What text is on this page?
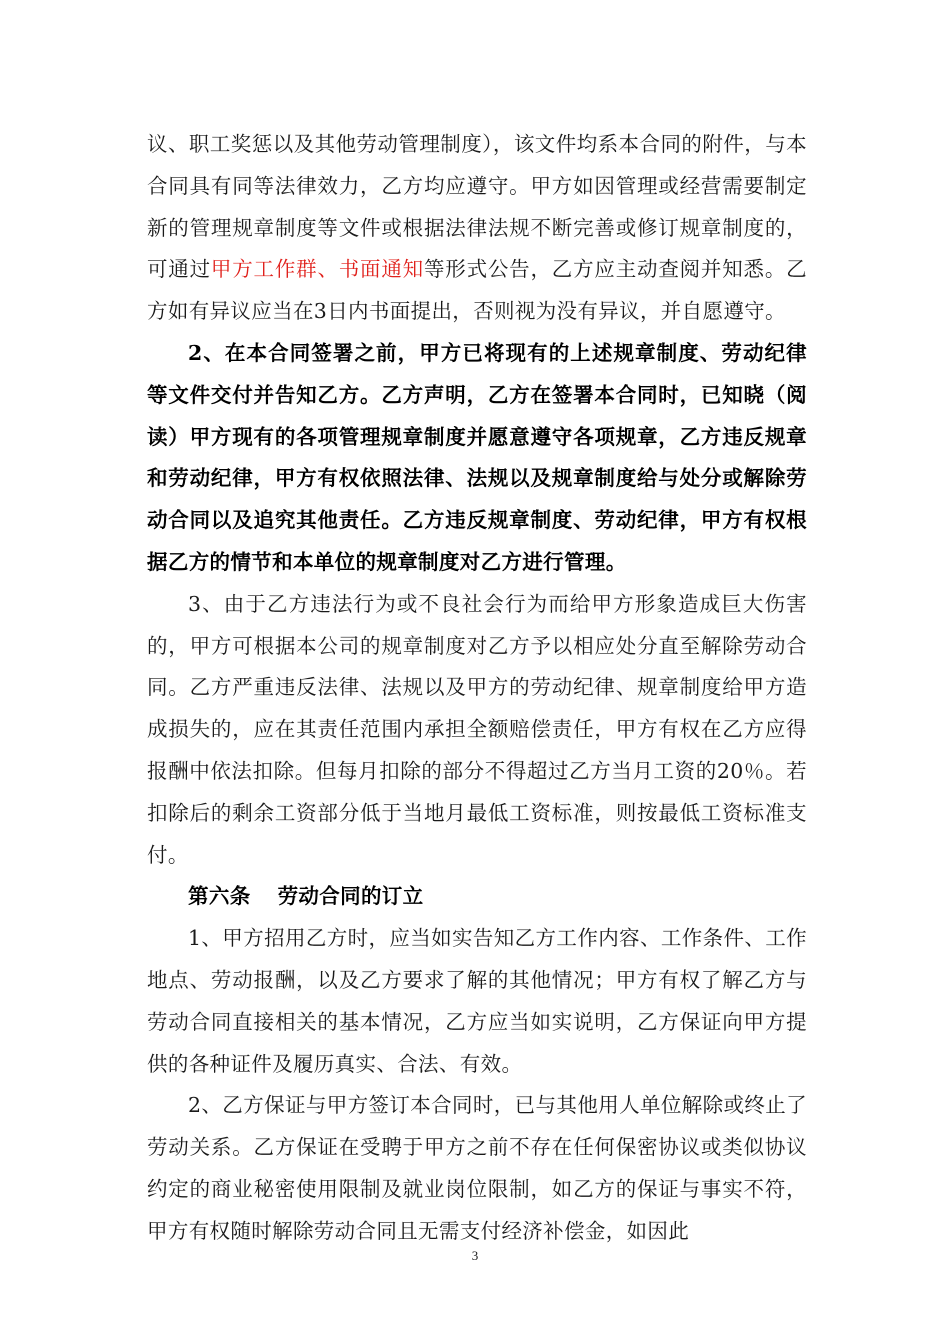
议、职工奖惩以及其他劳动管理制度），该文件均系本合同的附件，与本合同具有同等法律效力，乙方均应遵守。甲方如因管理或经营需要制定新的管理规章制度等文件或根据法律法规不断完善或修订规章制度的，可通过甲方工作群、书面通知等形式公告，乙方应主动查阅并知悉。乙方如有异议应当在3日内书面提出，否则视为没有异议，并自愿遵守。

2、在本合同签署之前，甲方已将现有的上述规章制度、劳动纪律等文件交付并告知乙方。乙方声明，乙方在签署本合同时，已知晓（阅读）甲方现有的各项管理规章制度并愿意遵守各项规章，乙方违反规章和劳动纪律，甲方有权依照法律、法规以及规章制度给与处分或解除劳动合同以及追究其他责任。乙方违反规章制度、劳动纪律，甲方有权根据乙方的情节和本单位的规章制度对乙方进行管理。

3、由于乙方违法行为或不良社会行为而给甲方形象造成巨大伤害的，甲方可根据本公司的规章制度对乙方予以相应处分直至解除劳动合同。乙方严重违反法律、法规以及甲方的劳动纪律、规章制度给甲方造成损失的，应在其责任范围内承担全额赔偿责任，甲方有权在乙方应得报酬中依法扣除。但每月扣除的部分不得超过乙方当月工资的20％。若扣除后的剩余工资部分低于当地月最低工资标准，则按最低工资标准支付。

第六条 劳动合同的订立

1、甲方招用乙方时，应当如实告知乙方工作内容、工作条件、工作地点、劳动报酬，以及乙方要求了解的其他情况；甲方有权了解乙方与劳动合同直接相关的基本情况，乙方应当如实说明，乙方保证向甲方提供的各种证件及履历真实、合法、有效。

2、乙方保证与甲方签订本合同时，已与其他用人单位解除或终止了劳动关系。乙方保证在受聘于甲方之前不存在任何保密协议或类似协议约定的商业秘密使用限制及就业岗位限制，如乙方的保证与事实不符，甲方有权随时解除劳动合同且无需支付经济补偿金，如因此

3
